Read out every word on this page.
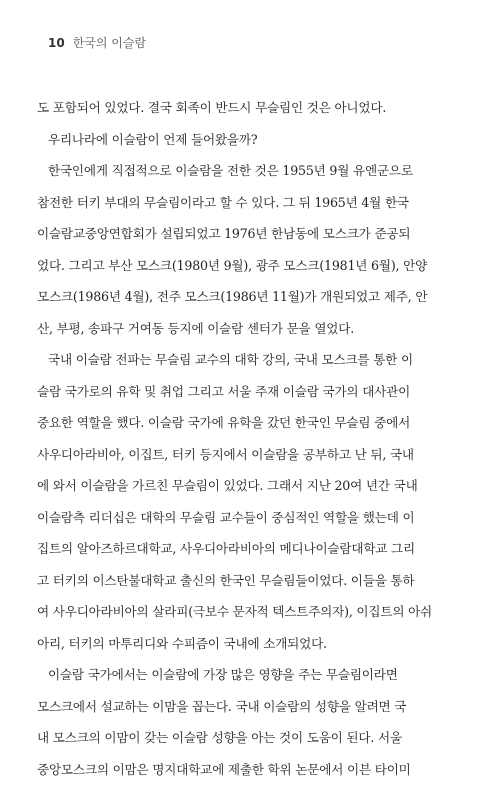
10 한국의 이슬람
도 포함되어 있었다. 결국 회족이 반드시 무슬림인 것은 아니었다.
우리나라에 이슬람이 언제 들어왔을까?
한국인에게 직접적으로 이슬람을 전한 것은 1955년 9월 유엔군으로
참전한 터키 부대의 무슬림이라고 할 수 있다. 그 뒤 1965년 4월 한국
이슬람교중앙연합회가 설립되었고 1976년 한남동에 모스크가 준공되
었다. 그리고 부산 모스크(1980년 9월), 광주 모스크(1981년 6월), 안양
모스크(1986년 4월), 전주 모스크(1986년 11월)가 개원되었고 제주, 안
산, 부평, 송파구 거여동 등지에 이슬람 센터가 문을 열었다.
국내 이슬람 전파는 무슬림 교수의 대학 강의, 국내 모스크를 통한 이
슬람 국가로의 유학 및 취업 그리고 서울 주재 이슬람 국가의 대사관이
중요한 역할을 했다. 이슬람 국가에 유학을 갔던 한국인 무슬림 중에서
사우디아라비아, 이집트, 터키 등지에서 이슬람을 공부하고 난 뒤, 국내
에 와서 이슬람을 가르친 무슬림이 있었다. 그래서 지난 20여 년간 국내
이슬람측 리더십은 대학의 무슬림 교수들이 중심적인 역할을 했는데 이
집트의 알아즈하르대학교, 사우디아라비아의 메디나이슬람대학교 그리
고 터키의 이스탄불대학교 출신의 한국인 무슬림들이었다. 이들을 통하
여 사우디아라비아의 살라피(극보수 문자적 텍스트주의자), 이집트의 아쉬
아리, 터키의 마투리디와 수피즘이 국내에 소개되었다.
이슬람 국가에서는 이슬람에 가장 많은 영향을 주는 무슬림이라면
모스크에서 설교하는 이맘을 꼽는다. 국내 이슬람의 성향을 알려면 국
내 모스크의 이맘이 갖는 이슬람 성향을 아는 것이 도움이 된다. 서울
중앙모스크의 이맘은 명지대학교에 제출한 학위 논문에서 이븐 타이미
